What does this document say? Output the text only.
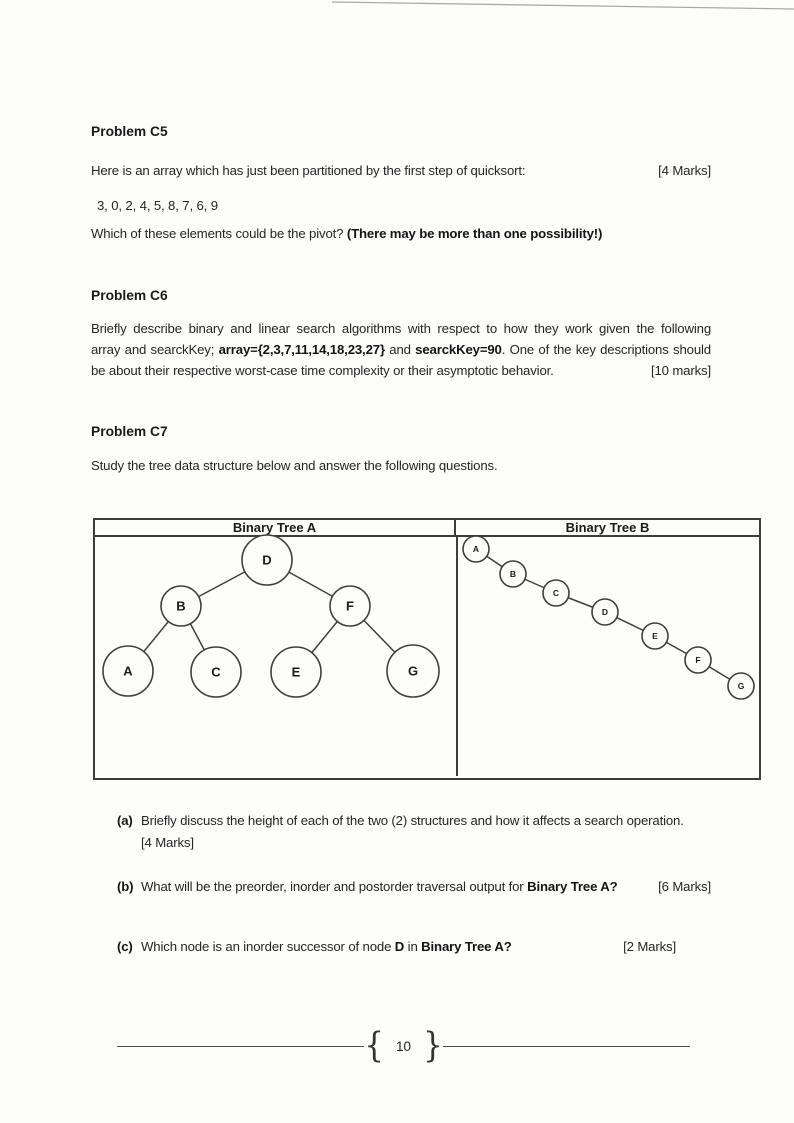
Problem C5
Here is an array which has just been partitioned by the first step of quicksort:	[4 Marks]
3, 0, 2, 4, 5, 8, 7, 6, 9
Which of these elements could be the pivot? (There may be more than one possibility!)
Problem C6
Briefly describe binary and linear search algorithms with respect to how they work given the following
array and searckKey; array={2,3,7,11,14,18,23,27} and searckKey=90. One of the key descriptions should
be about their respective worst-case time complexity or their asymptotic behavior.	[10 marks]
Problem C7
Study the tree data structure below and answer the following questions.
Binary Tree A	Binary Tree B
D
B	F
A	C	E	G
A
B
C
D
E
F
G
(a) Briefly discuss the height of each of the two (2) structures and how it affects a search operation.
[4 Marks]
(b) What will be the preorder, inorder and postorder traversal output for Binary Tree A?	[6 Marks]
(c) Which node is an inorder successor of node D in Binary Tree A?	[2 Marks]
{ 10 }
